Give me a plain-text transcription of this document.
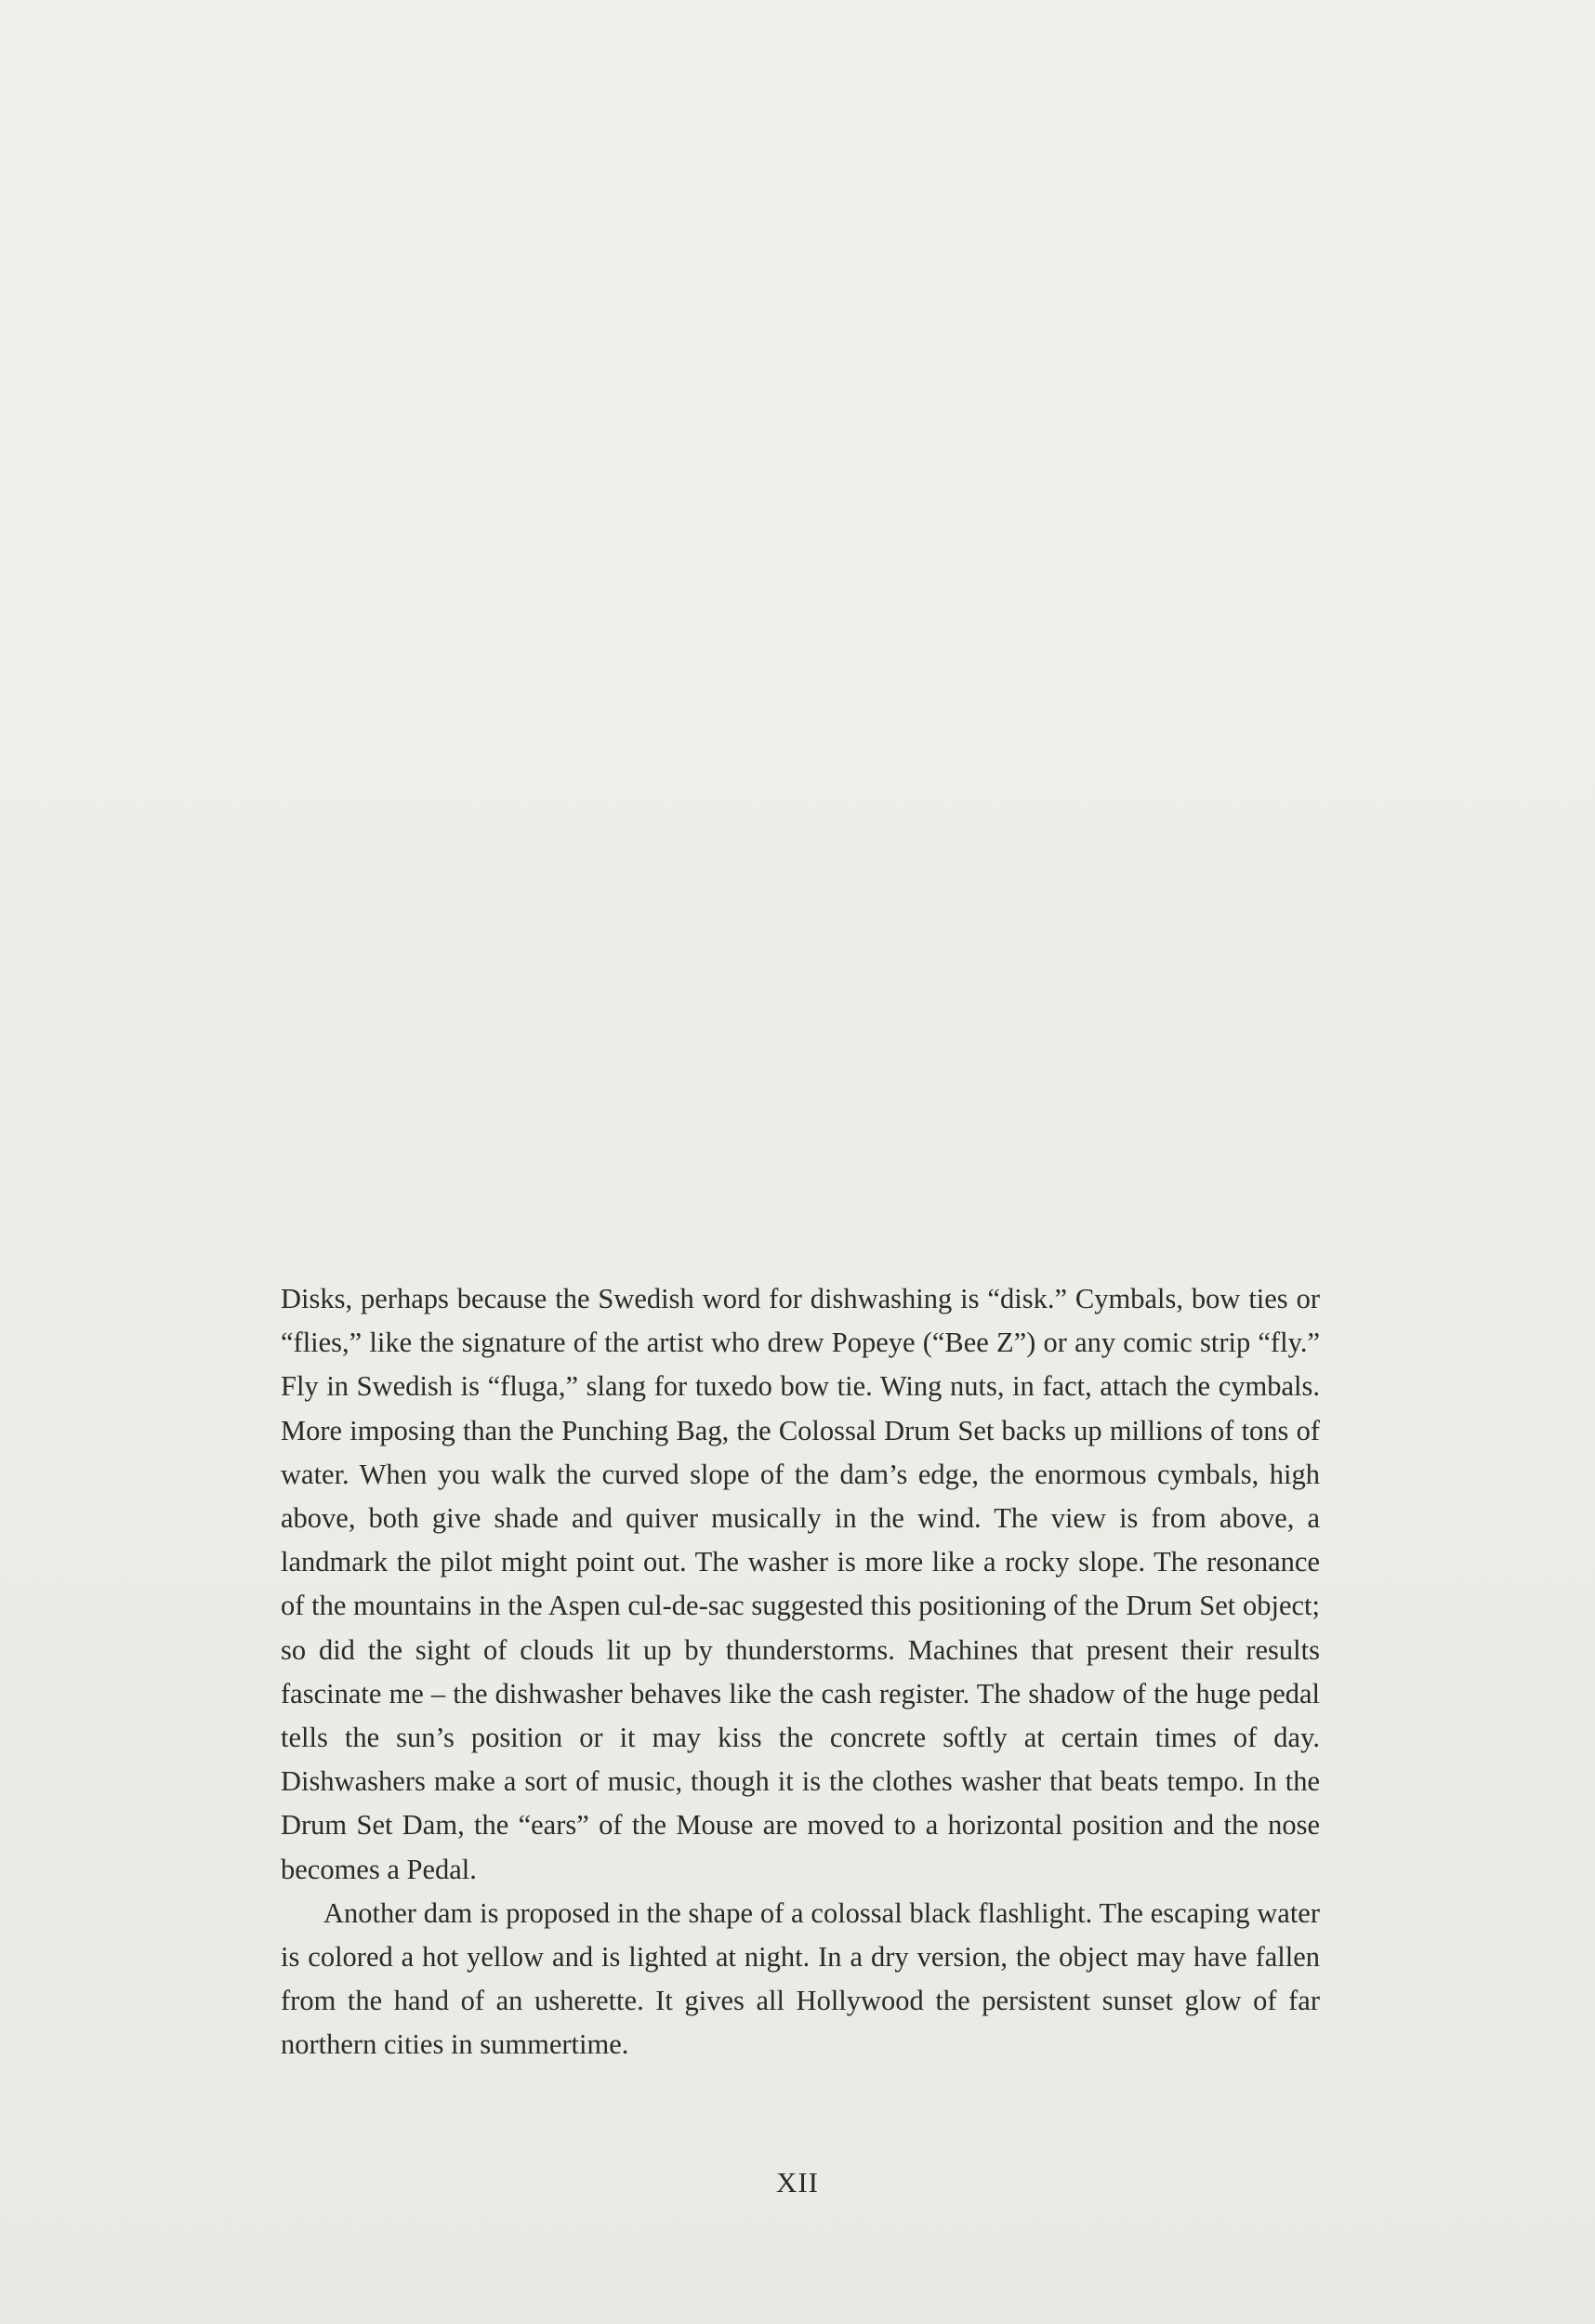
Disks, perhaps because the Swedish word for dishwashing is “disk.” Cymbals, bow ties or “flies,” like the signature of the artist who drew Popeye (“Bee Z”) or any comic strip “fly.” Fly in Swedish is “fluga,” slang for tuxedo bow tie. Wing nuts, in fact, attach the cymbals. More imposing than the Punching Bag, the Colossal Drum Set backs up millions of tons of water. When you walk the curved slope of the dam’s edge, the enormous cymbals, high above, both give shade and quiver musically in the wind. The view is from above, a landmark the pilot might point out. The washer is more like a rocky slope. The resonance of the mountains in the Aspen cul-de-sac suggested this positioning of the Drum Set object; so did the sight of clouds lit up by thunderstorms. Machines that present their results fascinate me – the dishwasher behaves like the cash register. The shadow of the huge pedal tells the sun’s position or it may kiss the concrete softly at certain times of day. Dishwashers make a sort of music, though it is the clothes washer that beats tempo. In the Drum Set Dam, the “ears” of the Mouse are moved to a horizontal position and the nose becomes a Pedal.

Another dam is proposed in the shape of a colossal black flashlight. The escaping water is colored a hot yellow and is lighted at night. In a dry version, the object may have fallen from the hand of an usherette. It gives all Hollywood the persistent sunset glow of far northern cities in summertime.

XII
